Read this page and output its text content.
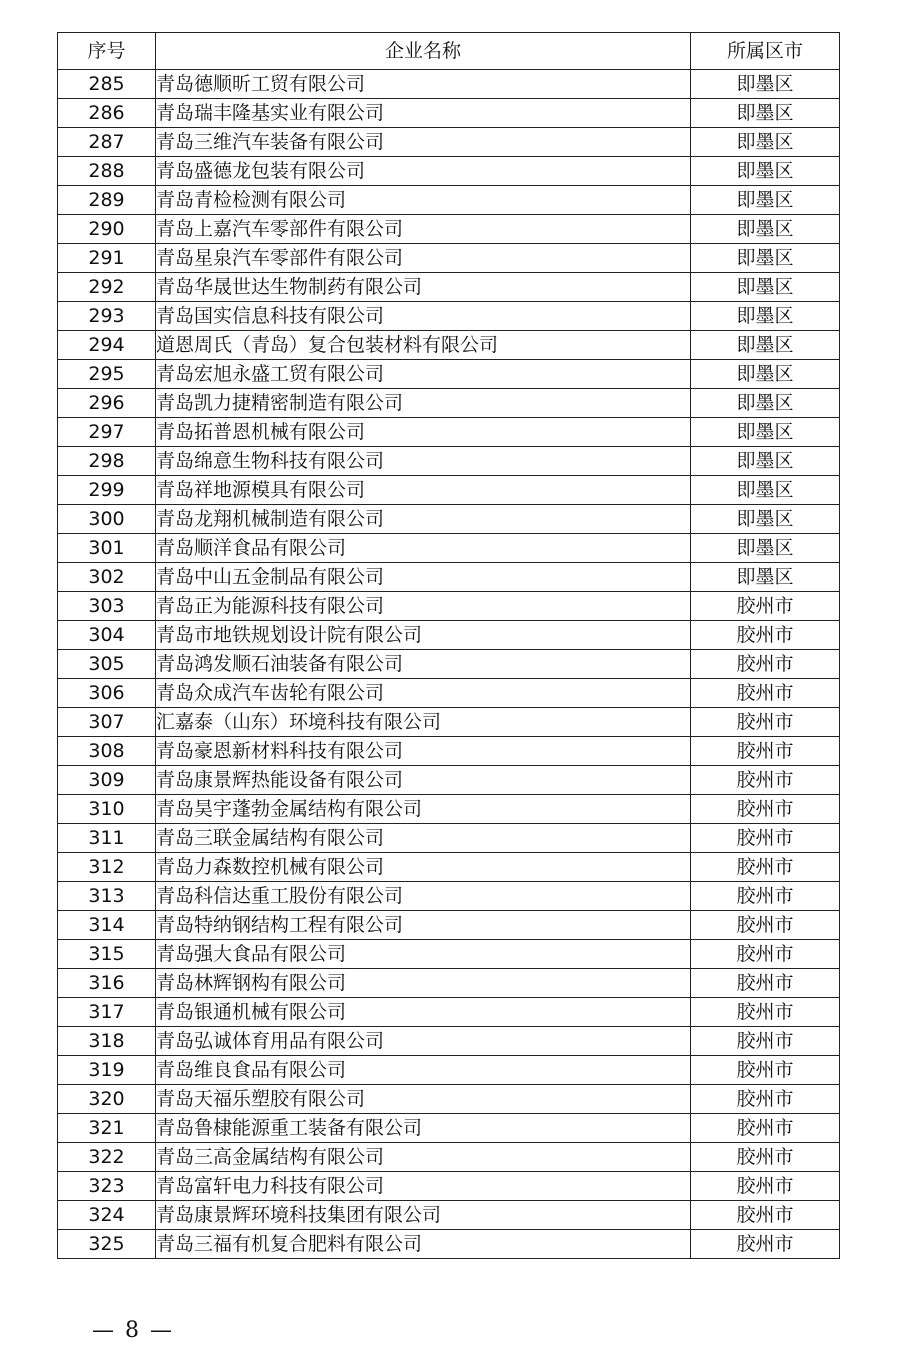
序号	企业名称	所属区市
285	青岛德顺昕工贸有限公司	即墨区
286	青岛瑞丰隆基实业有限公司	即墨区
287	青岛三维汽车装备有限公司	即墨区
288	青岛盛德龙包装有限公司	即墨区
289	青岛青检检测有限公司	即墨区
290	青岛上嘉汽车零部件有限公司	即墨区
291	青岛星泉汽车零部件有限公司	即墨区
292	青岛华晟世达生物制药有限公司	即墨区
293	青岛国实信息科技有限公司	即墨区
294	道恩周氏（青岛）复合包装材料有限公司	即墨区
295	青岛宏旭永盛工贸有限公司	即墨区
296	青岛凯力捷精密制造有限公司	即墨区
297	青岛拓普恩机械有限公司	即墨区
298	青岛绵意生物科技有限公司	即墨区
299	青岛祥地源模具有限公司	即墨区
300	青岛龙翔机械制造有限公司	即墨区
301	青岛顺洋食品有限公司	即墨区
302	青岛中山五金制品有限公司	即墨区
303	青岛正为能源科技有限公司	胶州市
304	青岛市地铁规划设计院有限公司	胶州市
305	青岛鸿发顺石油装备有限公司	胶州市
306	青岛众成汽车齿轮有限公司	胶州市
307	汇嘉泰（山东）环境科技有限公司	胶州市
308	青岛豪恩新材料科技有限公司	胶州市
309	青岛康景辉热能设备有限公司	胶州市
310	青岛昊宇蓬勃金属结构有限公司	胶州市
311	青岛三联金属结构有限公司	胶州市
312	青岛力森数控机械有限公司	胶州市
313	青岛科信达重工股份有限公司	胶州市
314	青岛特纳钢结构工程有限公司	胶州市
315	青岛强大食品有限公司	胶州市
316	青岛林辉钢构有限公司	胶州市
317	青岛银通机械有限公司	胶州市
318	青岛弘诚体育用品有限公司	胶州市
319	青岛维良食品有限公司	胶州市
320	青岛天福乐塑胶有限公司	胶州市
321	青岛鲁棣能源重工装备有限公司	胶州市
322	青岛三高金属结构有限公司	胶州市
323	青岛富轩电力科技有限公司	胶州市
324	青岛康景辉环境科技集团有限公司	胶州市
325	青岛三福有机复合肥料有限公司	胶州市
— 8 —
